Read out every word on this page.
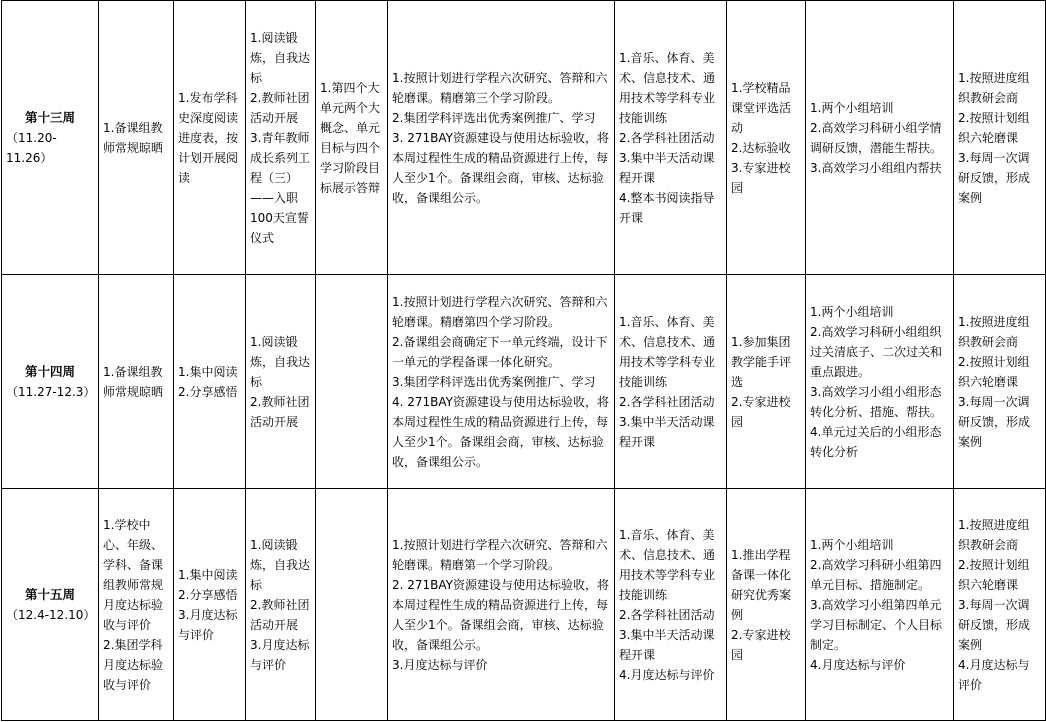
第十三周
（11.20-11.26）	1.备课组教师常规晾晒	1.发布学科史深度阅读进度表，按计划开展阅读	1.阅读锻炼，自我达标
2.教师社团活动开展
3.青年教师成长系列工程（三）——入职100天宣誓仪式	1.第四个大单元两个大概念、单元目标与四个学习阶段目标展示答辩	1.按照计划进行学程六次研究、答辩和六轮磨课。精磨第三个学习阶段。
2.集团学科评选出优秀案例推广、学习
3. 271BAY资源建设与使用达标验收，将本周过程性生成的精品资源进行上传，每人至少1个。备课组会商，审核、达标验收，备课组公示。	1.音乐、体育、美术、信息技术、通用技术等学科专业技能训练
2.各学科社团活动
3.集中半天活动课程开课
4.整本书阅读指导开课	1.学校精品课堂评选活动
2.达标验收
3.专家进校园	1.两个小组培训
2.高效学习科研小组学情调研反馈，潜能生帮扶。
3.高效学习小组组内帮扶	1.按照进度组织教研会商
2.按照计划组织六轮磨课
3.每周一次调研反馈，形成案例

第十四周
（11.27-12.3）	1.备课组教师常规晾晒	1.集中阅读
2.分享感悟	1.阅读锻炼，自我达标
2.教师社团活动开展		1.按照计划进行学程六次研究、答辩和六轮磨课。精磨第四个学习阶段。
2.备课组会商确定下一单元终端，设计下一单元的学程备课一体化研究。
3.集团学科评选出优秀案例推广、学习
4. 271BAY资源建设与使用达标验收，将本周过程性生成的精品资源进行上传，每人至少1个。备课组会商，审核、达标验收，备课组公示。	1.音乐、体育、美术、信息技术、通用技术等学科专业技能训练
2.各学科社团活动
3.集中半天活动课程开课	1.参加集团教学能手评选
2.专家进校园	1.两个小组培训
2.高效学习科研小组组织过关清底子、二次过关和重点跟进。
3.高效学习小组小组形态转化分析、措施、帮扶。
4.单元过关后的小组形态转化分析	1.按照进度组织教研会商
2.按照计划组织六轮磨课
3.每周一次调研反馈，形成案例

第十五周
（12.4-12.10）	1.学校中心、年级、学科、备课组教师常规月度达标验收与评价
2.集团学科月度达标验收与评价	1.集中阅读
2.分享感悟
3.月度达标与评价	1.阅读锻炼，自我达标
2.教师社团活动开展
3.月度达标与评价		1.按照计划进行学程六次研究、答辩和六轮磨课。精磨第一个学习阶段。
2. 271BAY资源建设与使用达标验收，将本周过程性生成的精品资源进行上传，每人至少1个。备课组会商，审核、达标验收，备课组公示。
3.月度达标与评价	1.音乐、体育、美术、信息技术、通用技术等学科专业技能训练
2.各学科社团活动
3.集中半天活动课程开课
4.月度达标与评价	1.推出学程备课一体化研究优秀案例
2.专家进校园	1.两个小组培训
2.高效学习科研小组第四单元目标、措施制定。
3.高效学习小组第四单元学习目标制定、个人目标制定。
4.月度达标与评价	1.按照进度组织教研会商
2.按照计划组织六轮磨课
3.每周一次调研反馈，形成案例
4.月度达标与评价
